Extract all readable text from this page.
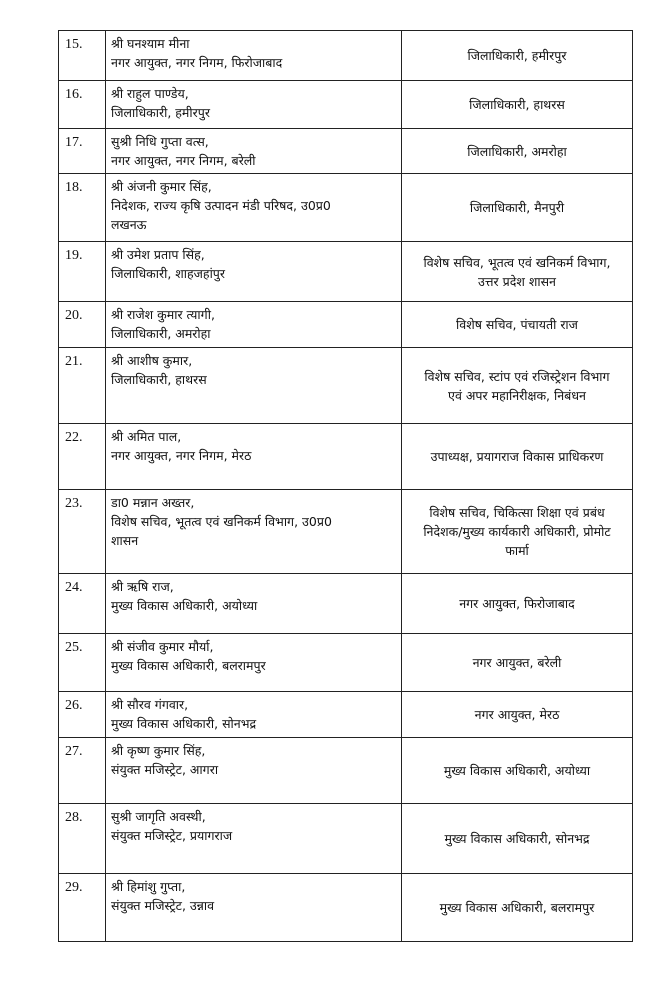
15.	श्री घनश्याम मीना
नगर आयुक्त, नगर निगम, फिरोजाबाद	जिलाधिकारी, हमीरपुर

16.	श्री राहुल पाण्डेय,
जिलाधिकारी, हमीरपुर	जिलाधिकारी, हाथरस

17.	सुश्री निधि गुप्ता वत्स,
नगर आयुक्त, नगर निगम, बरेली	जिलाधिकारी, अमरोहा

18.	श्री अंजनी कुमार सिंह,
निदेशक, राज्य कृषि उत्पादन मंडी परिषद, उ0प्र0
लखनऊ	जिलाधिकारी, मैनपुरी

19.	श्री उमेश प्रताप सिंह,
जिलाधिकारी, शाहजहांपुर	विशेष सचिव, भूतत्व एवं खनिकर्म विभाग,
उत्तर प्रदेश शासन

20.	श्री राजेश कुमार त्यागी,
जिलाधिकारी, अमरोहा	विशेष सचिव, पंचायती राज

21.	श्री आशीष कुमार,
जिलाधिकारी, हाथरस	विशेष सचिव, स्टांप एवं रजिस्ट्रेशन विभाग
एवं अपर महानिरीक्षक, निबंधन

22.	श्री अमित पाल,
नगर आयुक्त, नगर निगम, मेरठ	उपाध्यक्ष, प्रयागराज विकास प्राधिकरण

23.	डा0 मन्नान अख्तर,
विशेष सचिव, भूतत्व एवं खनिकर्म विभाग, उ0प्र0
शासन	विशेष सचिव, चिकित्सा शिक्षा एवं प्रबंध
निदेशक/मुख्य कार्यकारी अधिकारी, प्रोमोट
फार्मा

24.	श्री ऋषि राज,
मुख्य विकास अधिकारी, अयोध्या	नगर आयुक्त, फिरोजाबाद

25.	श्री संजीव कुमार मौर्या,
मुख्य विकास अधिकारी, बलरामपुर	नगर आयुक्त, बरेली

26.	श्री सौरव गंगवार,
मुख्य विकास अधिकारी, सोनभद्र	नगर आयुक्त, मेरठ

27.	श्री कृष्ण कुमार सिंह,
संयुक्त मजिस्ट्रेट, आगरा	मुख्य विकास अधिकारी, अयोध्या

28.	सुश्री जागृति अवस्थी,
संयुक्त मजिस्ट्रेट, प्रयागराज	मुख्य विकास अधिकारी, सोनभद्र

29.	श्री हिमांशु गुप्ता,
संयुक्त मजिस्ट्रेट, उन्नाव	मुख्य विकास अधिकारी, बलरामपुर
